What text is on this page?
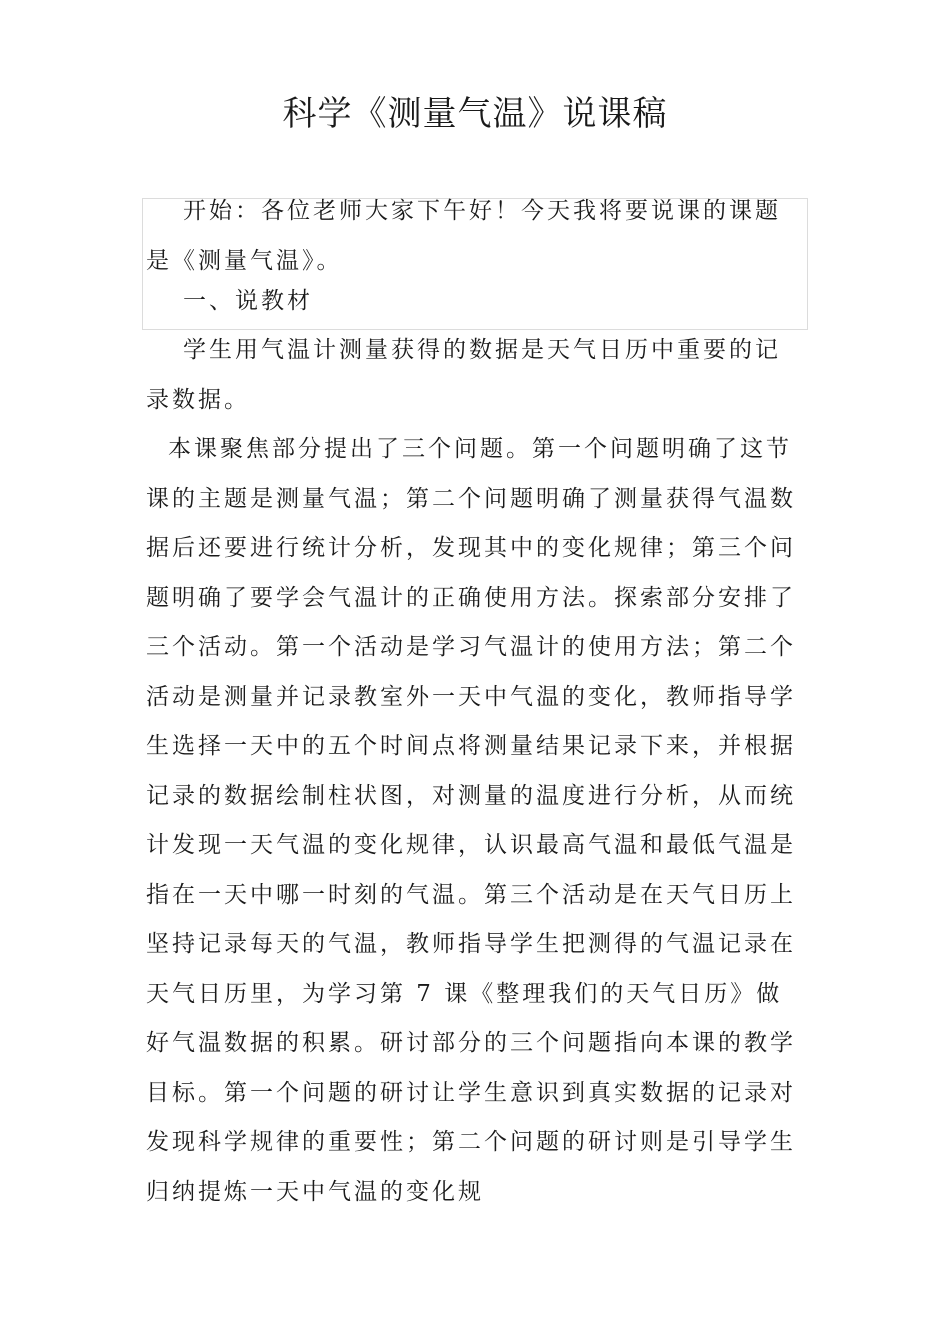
科学《测量气温》说课稿

开始：各位老师大家下午好！今天我将要说课的课题是《测量气温》。

一、说教材

学生用气温计测量获得的数据是天气日历中重要的记录数据。

本课聚焦部分提出了三个问题。第一个问题明确了这节课的主题是测量气温；第二个问题明确了测量获得气温数据后还要进行统计分析，发现其中的变化规律；第三个问题明确了要学会气温计的正确使用方法。探索部分安排了三个活动。第一个活动是学习气温计的使用方法；第二个活动是测量并记录教室外一天中气温的变化，教师指导学生选择一天中的五个时间点将测量结果记录下来，并根据记录的数据绘制柱状图，对测量的温度进行分析，从而统计发现一天气温的变化规律，认识最高气温和最低气温是指在一天中哪一时刻的气温。第三个活动是在天气日历上坚持记录每天的气温，教师指导学生把测得的气温记录在天气日历里，为学习第 7 课《整理我们的天气日历》做好气温数据的积累。研讨部分的三个问题指向本课的教学目标。第一个问题的研讨让学生意识到真实数据的记录对发现科学规律的重要性；第二个问题的研讨则是引导学生归纳提炼一天中气温的变化规
